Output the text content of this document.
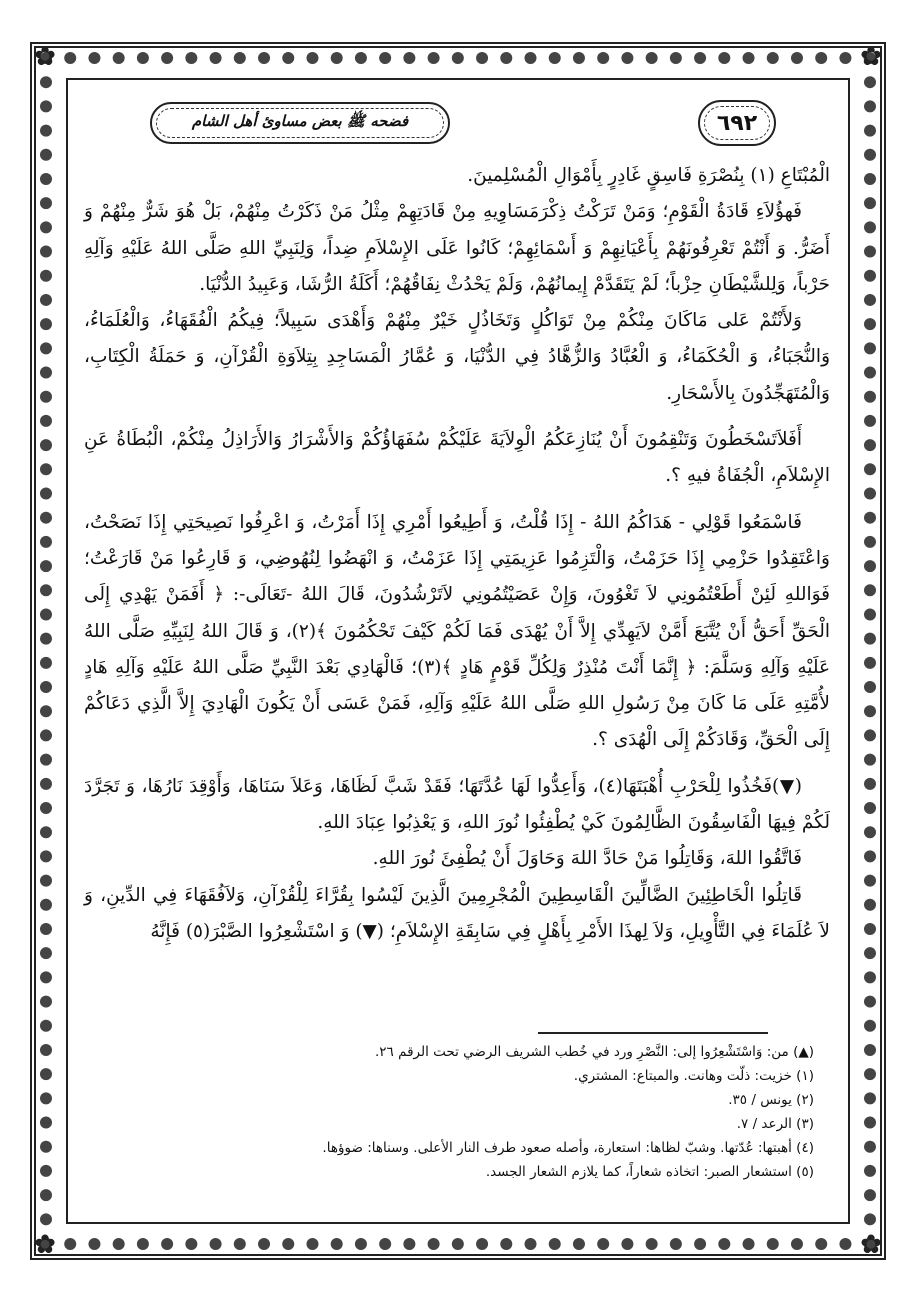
✿	✿
✿	✿
فضحه ﷺ بعض مساوئ أهل الشام	٦٩٢

الْمُبْتَاعِ (١) بِنُصْرَةِ فَاسِقٍ غَادِرٍ بِأَمْوَالِ الْمُسْلِمينَ.

فَهؤُلاَءِ قَادَةُ الْقَوْمِ؛ وَمَنْ تَرَكْتُ ذِكْرَمَسَاوِيهِ مِنْ قَادَتِهِمْ مِثْلُ مَنْ ذَكَرْتُ مِنْهُمْ، بَلْ هُوَ شَرٌّ مِنْهُمْ وَ أَضَرُّ. وَ أَنْتُمْ تَعْرِفُونَهُمْ بِأَعْيَانِهِمْ وَ أَسْمَائِهِمْ؛ كَانُوا عَلَى الإِسْلاَمِ ضِداً، وَلِنَبِيِّ اللهِ صَلَّى اللهُ عَلَيْهِ وَآلِهِ حَرْباً، وَلِلشَّيْطَانِ حِزْباً؛ لَمْ يَتَقَدَّمْ إِيمانُهُمْ، وَلَمْ يَحْدُثْ نِفَاقُهُمْ؛ أَكَلَةُ الرُّشَا، وَعَبِيدُ الدُّنْيَا.

وَلأَنْتُمْ عَلى مَاكَانَ مِنْكُمْ مِنْ تَوَاكُلٍ وَتَخَاذُلٍ خَيْرٌ مِنْهُمْ وَأَهْدَى سَبِيلاً؛ فِيكُمُ الْفُقَهَاءُ، وَالْعُلَمَاءُ، وَالنُّجَبَاءُ، وَ الْحُكَمَاءُ، وَ الْعُبَّادُ وَالزُّهَّادُ فِي الدُّنْيَا، وَ عُمَّارُ الْمَسَاجِدِ بِتِلاَوَةِ الْقُرْآنِ، وَ حَمَلَةُ الْكِتَابِ، وَالْمُتَهَجِّدُونَ بِالأَسْحَارِ.

أَفَلاَتَسْخَطُونَ وَتَنْقِمُونَ أَنْ يُنَازِعَكُمُ الْوِلاَيَةَ عَلَيْكُمْ سُفَهَاؤُكُمْ وَالأَشْرَارُ وَالأَرَاذِلُ مِنْكُمْ، الْبُطَاةُ عَنِ الإِسْلاَمِ، الْجُفَاةُ فيهِ ؟.

فَاسْمَعُوا قَوْلِي - هَدَاكُمُ اللهُ - إِذَا قُلْتُ، وَ أَطِيعُوا أَمْرِي إِذَا أَمَرْتُ، وَ اعْرِفُوا نَصِيحَتِي إِذَا نَصَحْتُ، وَاعْتَقِدُوا حَزْمِي إِذَا حَزَمْتُ، وَالْتَزِمُوا عَزِيمَتِي إِذَا عَزَمْتُ، وَ انْهَضُوا لِنُهُوضِي، وَ قَارِعُوا مَنْ قَارَعْتُ؛ فَوَاللهِ لَئِنْ أَطَعْتُمُونِي لاَ تَغْوُونَ، وَإِنْ عَصَيْتُمُونِي لاَتَرْشُدُونَ، قَالَ اللهُ -تَعَالَى-: ﴿ أَفَمَنْ يَهْدِي إِلَى الْحَقِّ أَحَقُّ أَنْ يُتَّبَعَ أَمَّنْ لاَيَهِدِّي إِلاَّ أَنْ يُهْدَى فَمَا لَكُمْ كَيْفَ تَحْكُمُونَ ﴾(٢)، وَ قَالَ اللهُ لِنَبِيِّهِ صَلَّى اللهُ عَلَيْهِ وَآلِهِ وَسَلَّمَ: ﴿ إِنَّمَا أَنْتَ مُنْذِرٌ وَلِكُلِّ قَوْمٍ هَادٍ ﴾(٣)؛ فَالْهَادِي بَعْدَ النَّبِيِّ صَلَّى اللهُ عَلَيْهِ وَآلِهِ هَادٍ لأُمَّتِهِ عَلَى مَا كَانَ مِنْ رَسُولِ اللهِ صَلَّى اللهُ عَلَيْهِ وَآلِهِ، فَمَنْ عَسَى أَنْ يَكُونَ الْهَادِيَ إِلاَّ الَّذِي دَعَاكُمْ إِلَى الْحَقِّ، وَقَادَكُمْ إِلَى الْهُدَى ؟.

(▼)فَخُذُوا لِلْحَرْبِ أُهْبَتَهَا(٤)، وَأَعِدُّوا لَهَا عُدَّتَهَا؛ فَقَدْ شَبَّ لَظَاهَا، وَعَلاَ سَنَاهَا، وَأَوْقِدَ نَارُهَا، وَ تَجَرَّدَ لَكُمْ فِيهَا الْفَاسِقُونَ الظَّالِمُونَ كَيْ يُطْفِئُوا نُورَ اللهِ، وَ يَعْذِبُوا عِبَادَ اللهِ.

فَاتَّقُوا اللهَ، وَقَاتِلُوا مَنْ حَادَّ اللهَ وَحَاوَلَ أَنْ يُطْفِئَ نُورَ اللهِ.

قَاتِلُوا الْخَاطِئِينَ الضَّالِّينَ الْقَاسِطِينَ الْمُجْرِمِينَ الَّذِينَ لَيْسُوا بِقُرَّاءَ لِلْقُرْآنِ، وَلاَفُقَهَاءَ فِي الدِّينِ، وَ لاَ عُلَمَاءَ فِي التَّأْوِيلِ، وَلاَ لِهذَا الأَمْرِ بِأَهْلٍ فِي سَابِقَةِ الإِسْلاَمِ؛ (▼) وَ اسْتَشْعِرُوا الصَّبْرَ(٥) فَإِنَّهُ

(▲) من: وَاسْتَشْعِرُوا إلى: النَّصْرِ ورد في خُطب الشريف الرضي تحت الرقم ٢٦.
(١) خزيت: ذلّت وهانت. والمبتاع: المشتري.
(٢) يونس / ٣٥.
(٣) الرعد / ٧.
(٤) أهبتها: عُدّتها. وشبّ لظاها: استعارة، وأصله صعود طرف النار الأعلى. وسناها: ضوؤها.
(٥) استشعار الصبر: اتخاذه شعاراً، كما يلازم الشعار الجسد.
